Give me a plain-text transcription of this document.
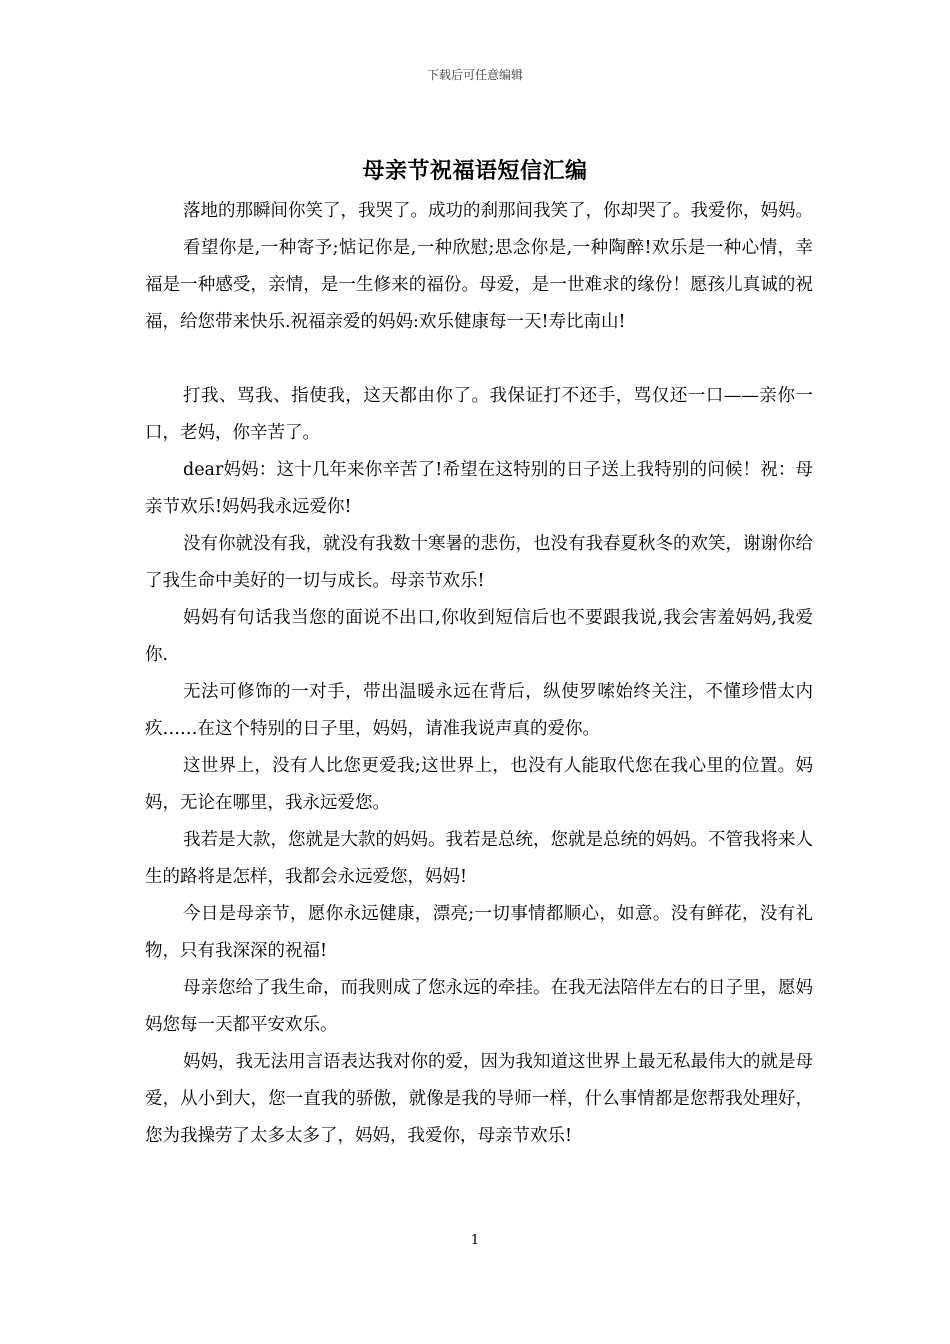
下载后可任意编辑
母亲节祝福语短信汇编

落地的那瞬间你笑了，我哭了。成功的刹那间我笑了，你却哭了。我爱你，妈妈。

看望你是,一种寄予;惦记你是,一种欣慰;思念你是,一种陶醉!欢乐是一种心情，幸福是一种感受，亲情，是一生修来的福份。母爱，是一世难求的缘份！愿孩儿真诚的祝福，给您带来快乐.祝福亲爱的妈妈:欢乐健康每一天!寿比南山!

打我、骂我、指使我，这天都由你了。我保证打不还手，骂仅还一口——亲你一口，老妈，你辛苦了。

dear妈妈：这十几年来你辛苦了!希望在这特别的日子送上我特别的问候！祝：母亲节欢乐!妈妈我永远爱你!

没有你就没有我，就没有我数十寒暑的悲伤，也没有我春夏秋冬的欢笑，谢谢你给了我生命中美好的一切与成长。母亲节欢乐!

妈妈有句话我当您的面说不出口,你收到短信后也不要跟我说,我会害羞妈妈,我爱你.

无法可修饰的一对手，带出温暖永远在背后，纵使罗嗦始终关注，不懂珍惜太内疚……在这个特别的日子里，妈妈，请准我说声真的爱你。

这世界上，没有人比您更爱我;这世界上，也没有人能取代您在我心里的位置。妈妈，无论在哪里，我永远爱您。

我若是大款，您就是大款的妈妈。我若是总统，您就是总统的妈妈。不管我将来人生的路将是怎样，我都会永远爱您，妈妈!

今日是母亲节，愿你永远健康，漂亮;一切事情都顺心，如意。没有鲜花，没有礼物，只有我深深的祝福!

母亲您给了我生命，而我则成了您永远的牵挂。在我无法陪伴左右的日子里，愿妈妈您每一天都平安欢乐。

妈妈，我无法用言语表达我对你的爱，因为我知道这世界上最无私最伟大的就是母爱，从小到大，您一直我的骄傲，就像是我的导师一样，什么事情都是您帮我处理好，您为我操劳了太多太多了，妈妈，我爱你，母亲节欢乐!

1
